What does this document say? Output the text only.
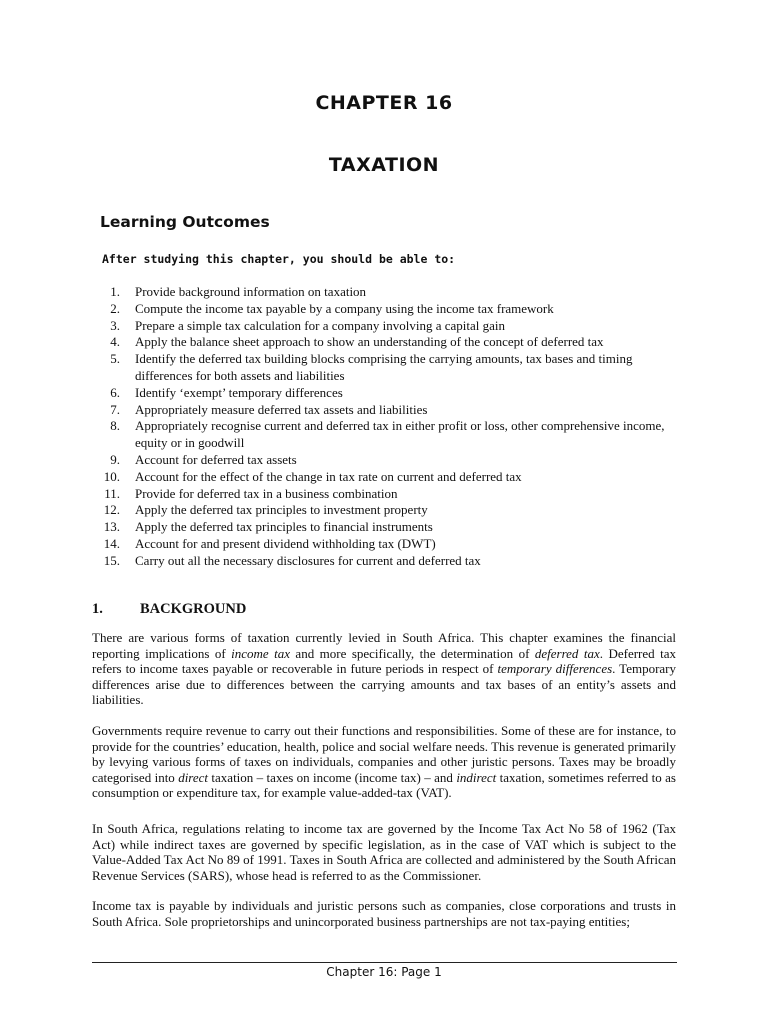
CHAPTER 16
TAXATION
Learning Outcomes
After studying this chapter, you should be able to:
1. Provide background information on taxation
2. Compute the income tax payable by a company using the income tax framework
3. Prepare a simple tax calculation for a company involving a capital gain
4. Apply the balance sheet approach to show an understanding of the concept of deferred tax
5. Identify the deferred tax building blocks comprising the carrying amounts, tax bases and timing differences for both assets and liabilities
6. Identify ‘exempt’ temporary differences
7. Appropriately measure deferred tax assets and liabilities
8. Appropriately recognise current and deferred tax in either profit or loss, other comprehensive income, equity or in goodwill
9. Account for deferred tax assets
10. Account for the effect of the change in tax rate on current and deferred tax
11. Provide for deferred tax in a business combination
12. Apply the deferred tax principles to investment property
13. Apply the deferred tax principles to financial instruments
14. Account for and present dividend withholding tax (DWT)
15. Carry out all the necessary disclosures for current and deferred tax
1.	BACKGROUND

There are various forms of taxation currently levied in South Africa. This chapter examines the financial reporting implications of income tax and more specifically, the determination of deferred tax. Deferred tax refers to income taxes payable or recoverable in future periods in respect of temporary differences. Temporary differences arise due to differences between the carrying amounts and tax bases of an entity’s assets and liabilities.

Governments require revenue to carry out their functions and responsibilities. Some of these are for instance, to provide for the countries’ education, health, police and social welfare needs. This revenue is generated primarily by levying various forms of taxes on individuals, companies and other juristic persons. Taxes may be broadly categorised into direct taxation – taxes on income (income tax) – and indirect taxation, sometimes referred to as consumption or expenditure tax, for example value-added-tax (VAT).

In South Africa, regulations relating to income tax are governed by the Income Tax Act No 58 of 1962 (Tax Act) while indirect taxes are governed by specific legislation, as in the case of VAT which is subject to the Value-Added Tax Act No 89 of 1991. Taxes in South Africa are collected and administered by the South African Revenue Services (SARS), whose head is referred to as the Commissioner.

Income tax is payable by individuals and juristic persons such as companies, close corporations and trusts in South Africa. Sole proprietorships and unincorporated business partnerships are not tax-paying entities;

Chapter 16: Page 1
